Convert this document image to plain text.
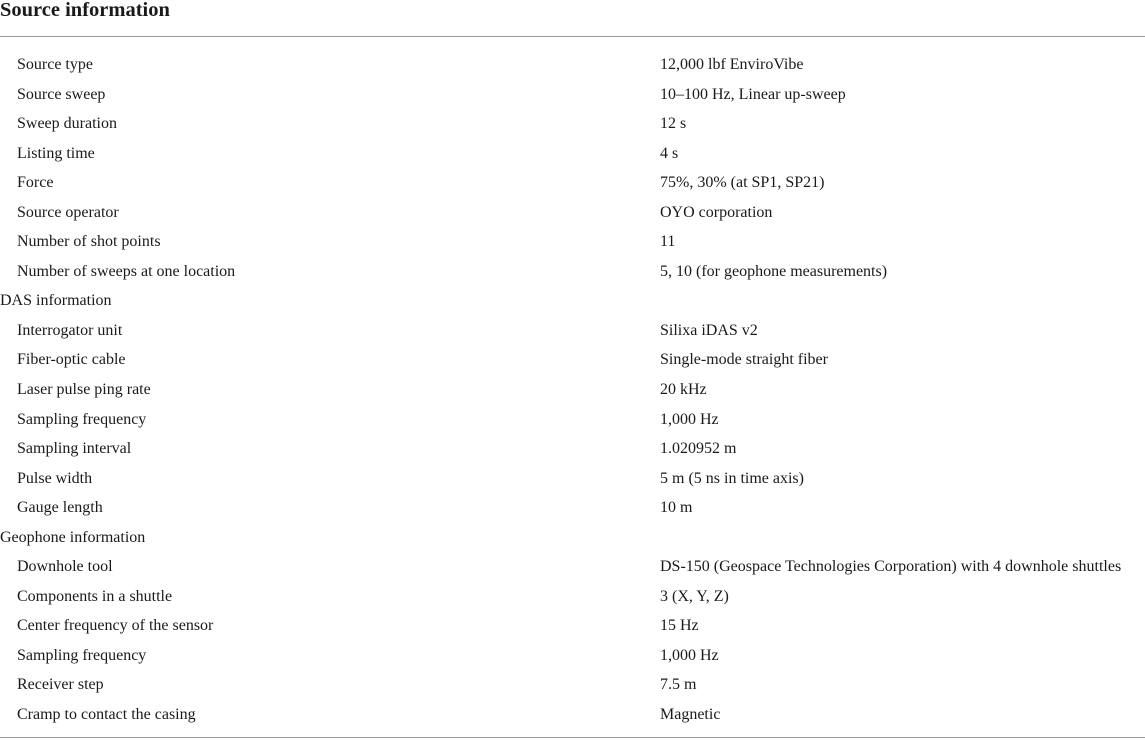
Source information
Source type	12,000 lbf EnviroVibe
Source sweep	10–100 Hz, Linear up-sweep
Sweep duration	12 s
Listing time	4 s
Force	75%, 30% (at SP1, SP21)
Source operator	OYO corporation
Number of shot points	11
Number of sweeps at one location	5, 10 (for geophone measurements)
DAS information
Interrogator unit	Silixa iDAS v2
Fiber-optic cable	Single-mode straight fiber
Laser pulse ping rate	20 kHz
Sampling frequency	1,000 Hz
Sampling interval	1.020952 m
Pulse width	5 m (5 ns in time axis)
Gauge length	10 m
Geophone information
Downhole tool	DS-150 (Geospace Technologies Corporation) with 4 downhole shuttles
Components in a shuttle	3 (X, Y, Z)
Center frequency of the sensor	15 Hz
Sampling frequency	1,000 Hz
Receiver step	7.5 m
Cramp to contact the casing	Magnetic
